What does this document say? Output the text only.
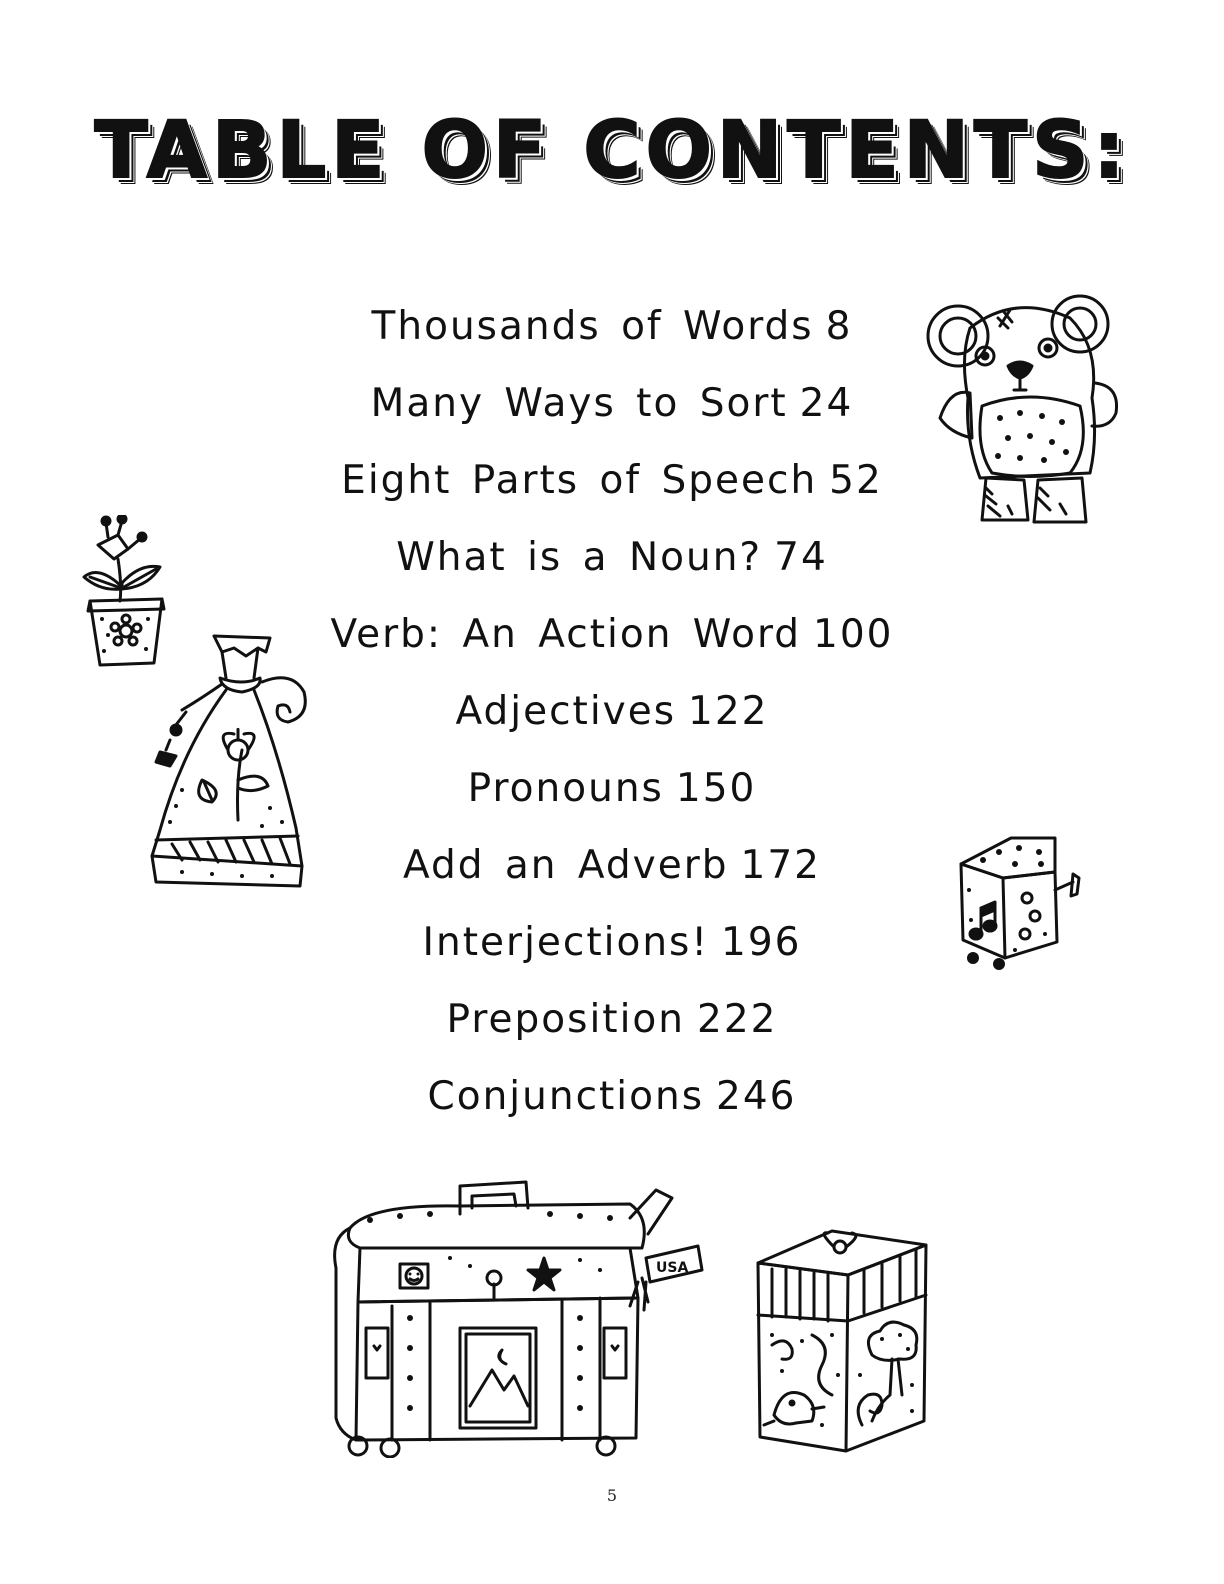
TABLE OF CONTENTS:
Thousands of Words 8
Many Ways to Sort 24
Eight Parts of Speech 52
What is a Noun? 74
Verb: An Action Word 100
Adjectives 122
Pronouns 150
Add an Adverb 172
Interjections! 196
Preposition 222
Conjunctions 246
USA
5
